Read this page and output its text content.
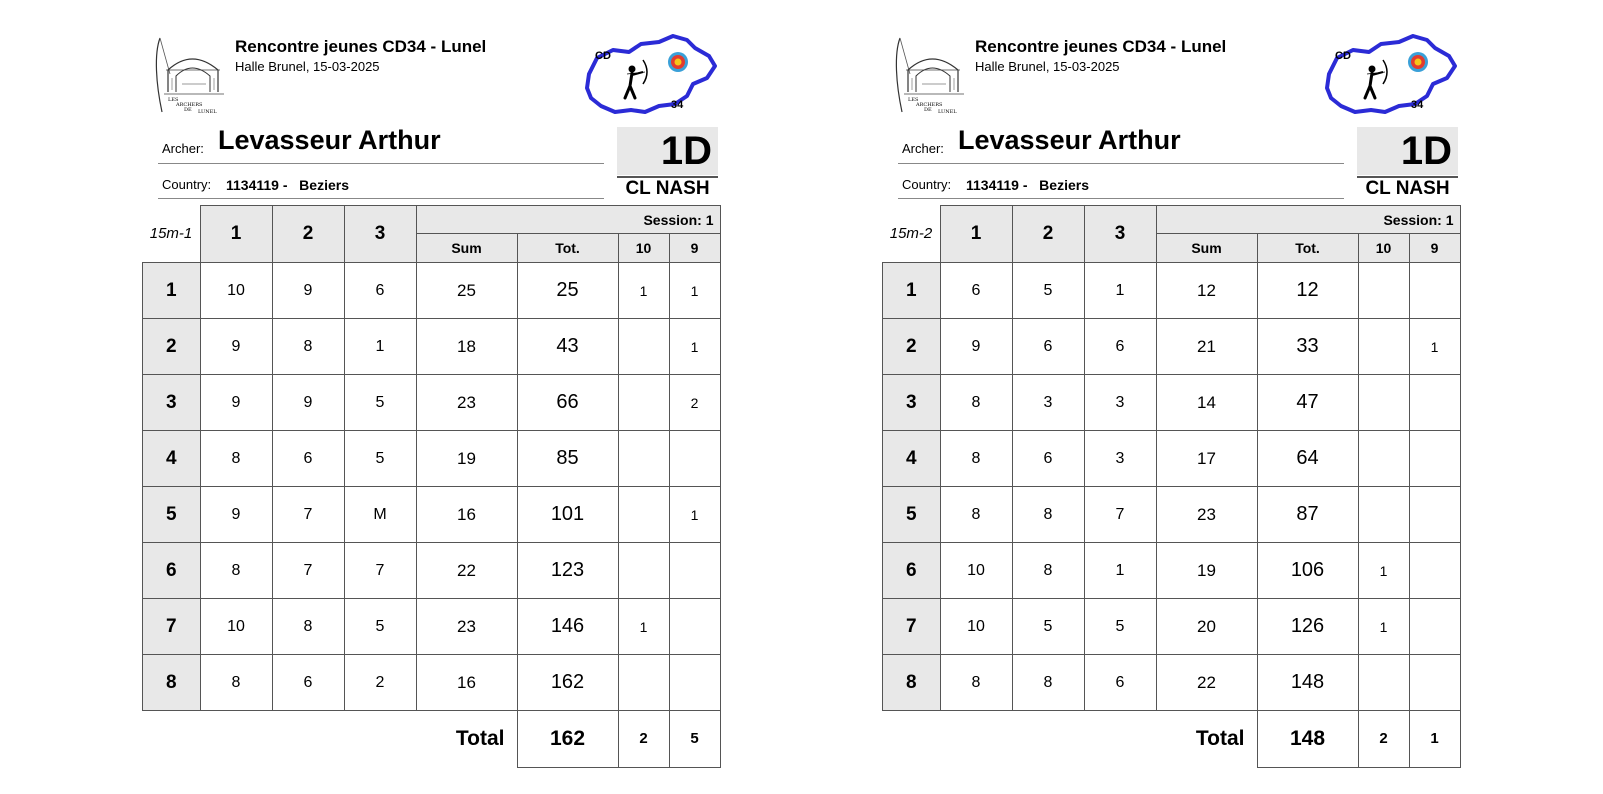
LES
ARCHERS
DE LUNEL
Rencontre jeunes CD34 - Lunel
Halle Brunel, 15-03-2025
CD
34
Archer: Levasseur Arthur
Country: 1134119 -   Beziers
1D
CL NASH
15m-1	1	2	3	Session: 1			
				Sum	Tot.	10	9
1	10	9	6	25	25	1	1
2	9	8	1	18	43		1
3	9	9	5	23	66		2
4	8	6	5	19	85		
5	9	7	M	16	101		1
6	8	7	7	22	123		
7	10	8	5	23	146	1	
8	8	6	2	16	162		
Total					162	2	5
LES
ARCHERS
DE LUNEL
Rencontre jeunes CD34 - Lunel
Halle Brunel, 15-03-2025
CD
34
Archer: Levasseur Arthur
Country: 1134119 -   Beziers
1D
CL NASH
15m-2	1	2	3	Session: 1			
				Sum	Tot.	10	9
1	6	5	1	12	12		
2	9	6	6	21	33		1
3	8	3	3	14	47		
4	8	6	3	17	64		
5	8	8	7	23	87		
6	10	8	1	19	106	1	
7	10	5	5	20	126	1	
8	8	8	6	22	148		
Total					148	2	1
